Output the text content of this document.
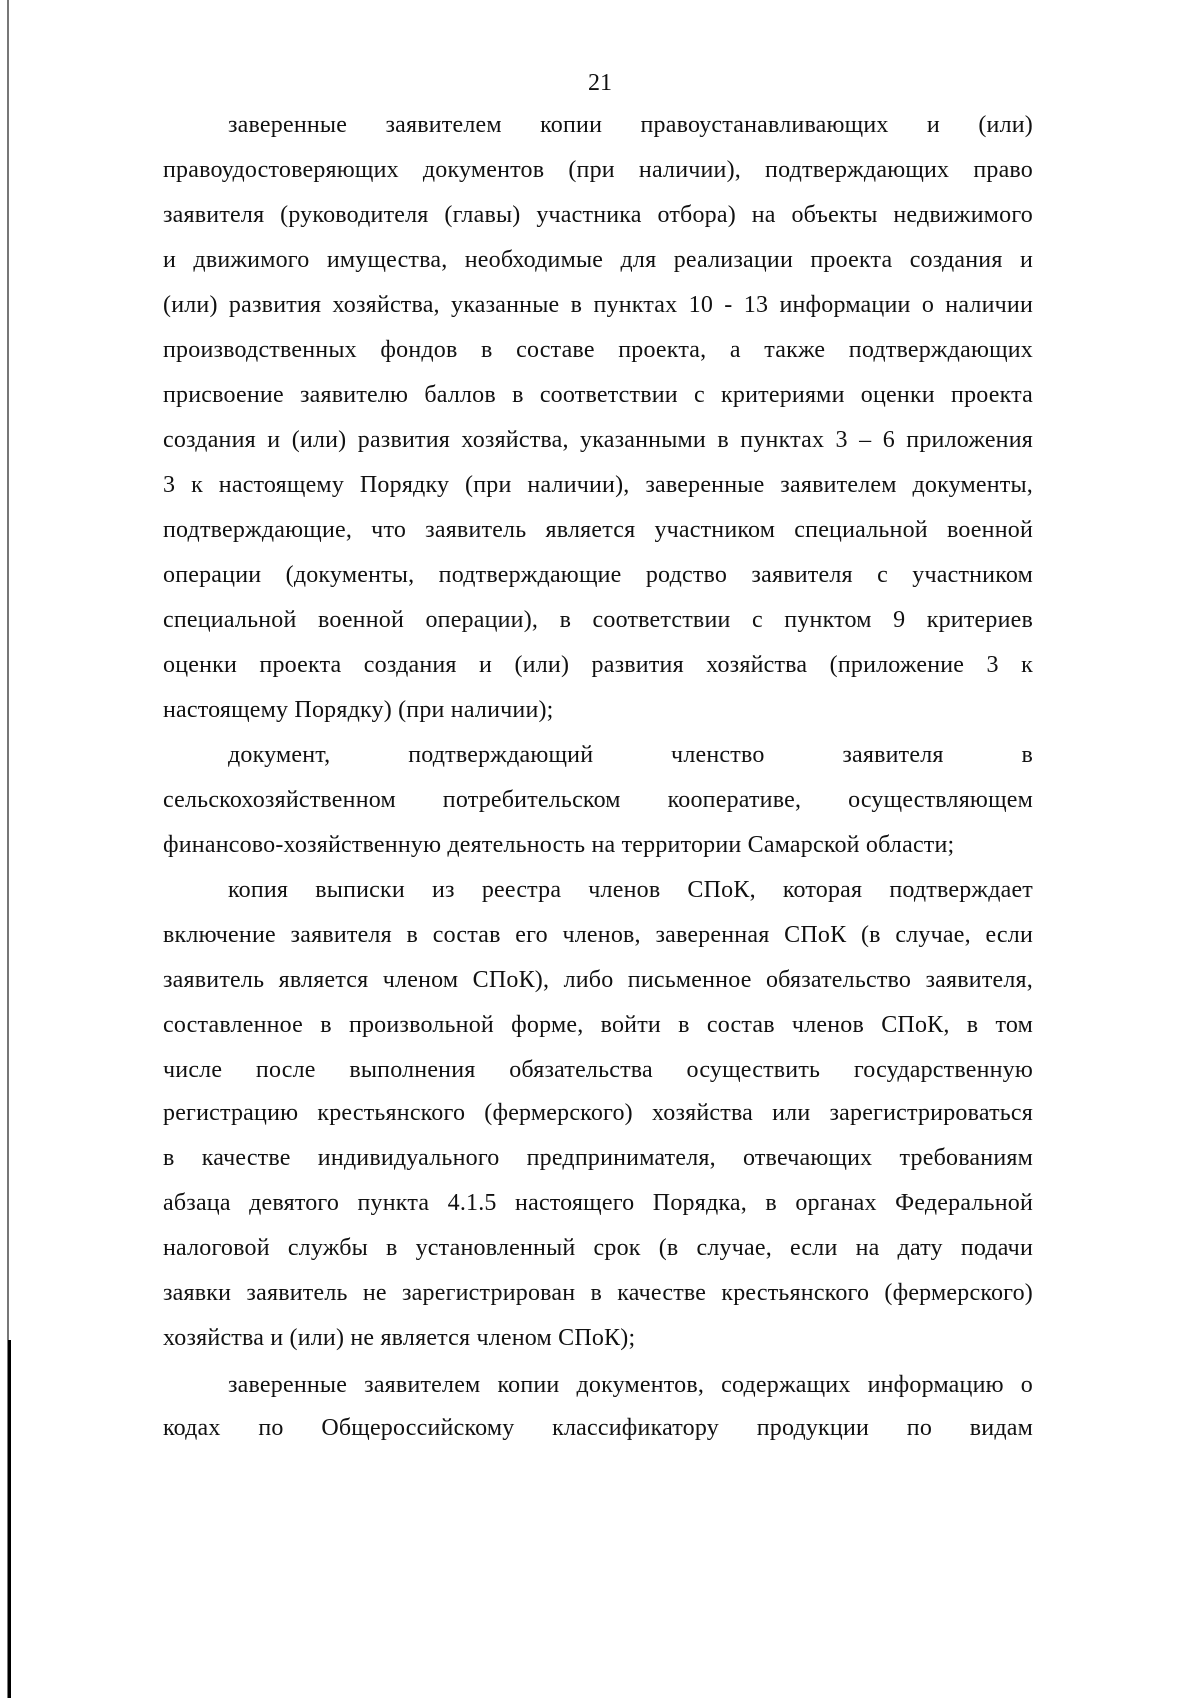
21
заверенные заявителем копии правоустанавливающих и (или)
правоудостоверяющих документов (при наличии), подтверждающих право
заявителя (руководителя (главы) участника отбора) на объекты недвижимого
и движимого имущества, необходимые для реализации проекта создания и
(или) развития хозяйства, указанные в пунктах 10 - 13 информации о наличии
производственных фондов в составе проекта, а также подтверждающих
присвоение заявителю баллов в соответствии с критериями оценки проекта
создания и (или) развития хозяйства, указанными в пунктах 3 – 6 приложения
3 к настоящему Порядку (при наличии), заверенные заявителем документы,
подтверждающие, что заявитель является участником специальной военной
операции (документы, подтверждающие родство заявителя с участником
специальной военной операции), в соответствии с пунктом 9 критериев
оценки проекта создания и (или) развития хозяйства (приложение 3 к
настоящему Порядку) (при наличии);
документ, подтверждающий членство заявителя в
сельскохозяйственном потребительском кооперативе, осуществляющем
финансово-хозяйственную деятельность на территории Самарской области;
копия выписки из реестра членов СПоК, которая подтверждает
включение заявителя в состав его членов, заверенная СПоК (в случае, если
заявитель является членом СПоК), либо письменное обязательство заявителя,
составленное в произвольной форме, войти в состав членов СПоК, в том
числе после выполнения обязательства осуществить государственную
регистрацию крестьянского (фермерского) хозяйства или зарегистрироваться
в качестве индивидуального предпринимателя, отвечающих требованиям
абзаца девятого пункта 4.1.5 настоящего Порядка, в органах Федеральной
налоговой службы в установленный срок (в случае, если на дату подачи
заявки заявитель не зарегистрирован в качестве крестьянского (фермерского)
хозяйства и (или) не является членом СПоК);
заверенные заявителем копии документов, содержащих информацию о
кодах по Общероссийскому классификатору продукции по видам
